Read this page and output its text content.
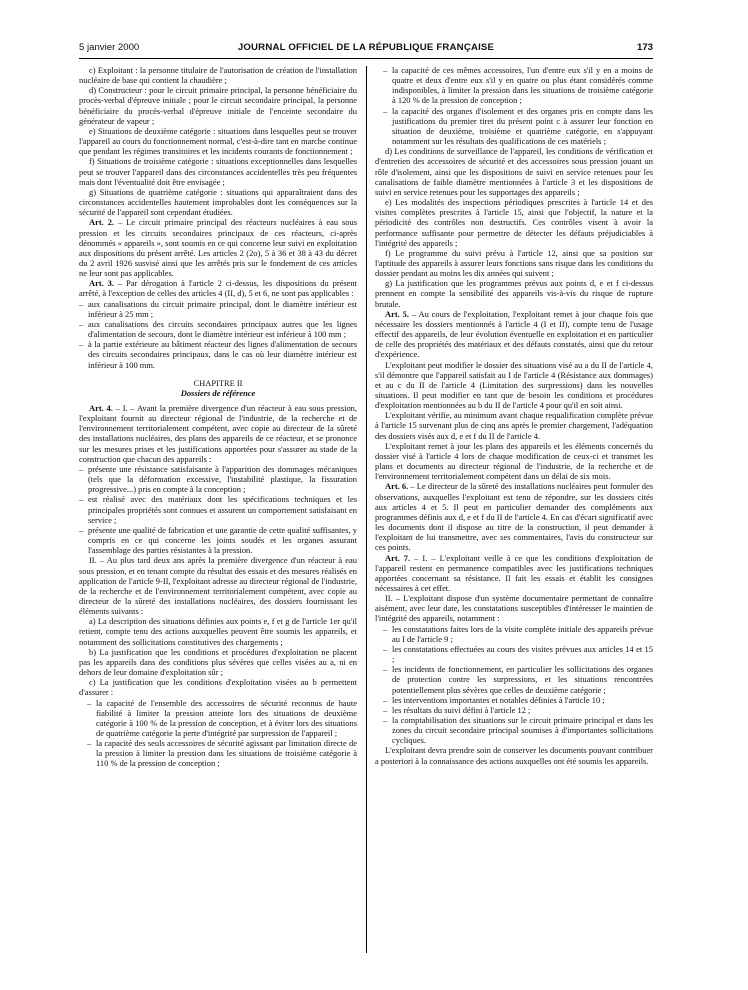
5 janvier 2000	JOURNAL OFFICIEL DE LA RÉPUBLIQUE FRANÇAISE	173

c) Exploitant : la personne titulaire de l'autorisation de création de l'installation nucléaire de base qui contient la chaudière ;

d) Constructeur : pour le circuit primaire principal, la personne bénéficiaire du procès-verbal d'épreuve initiale ; pour le circuit secondaire principal, la personne bénéficiaire du procès-verbal d'épreuve initiale de l'enceinte secondaire du générateur de vapeur ;

e) Situations de deuxième catégorie : situations dans lesquelles peut se trouver l'appareil au cours du fonctionnement normal, c'est-à-dire tant en marche continue que pendant les régimes transitoires et les incidents courants de fonctionnement ;

f) Situations de troisième catégorie : situations exceptionnelles dans lesquelles peut se trouver l'appareil dans des circonstances accidentelles très peu fréquentes mais dont l'éventualité doit être envisagée ;

g) Situations de quatrième catégorie : situations qui apparaîtraient dans des circonstances accidentelles hautement improbables dont les conséquences sur la sécurité de l'appareil sont cependant étudiées.

Art. 2. – Le circuit primaire principal des réacteurs nucléaires à eau sous pression et les circuits secondaires principaux de ces réacteurs, ci-après dénommés « appareils », sont soumis en ce qui concerne leur suivi en exploitation aux dispositions du présent arrêté. Les articles 2 (2o), 5 à 36 et 38 à 43 du décret du 2 avril 1926 susvisé ainsi que les arrêtés pris sur le fondement de ces articles ne leur sont pas applicables.

Art. 3. – Par dérogation à l'article 2 ci-dessus, les dispositions du présent arrêté, à l'exception de celles des articles 4 (II, d), 5 et 6, ne sont pas applicables :

– aux canalisations du circuit primaire principal, dont le diamètre intérieur est inférieur à 25 mm ;

– aux canalisations des circuits secondaires principaux autres que les lignes d'alimentation de secours, dont le diamètre intérieur est inférieur à 100 mm ;

– à la partie extérieure au bâtiment réacteur des lignes d'alimentation de secours des circuits secondaires principaux, dans le cas où leur diamètre intérieur est inférieur à 100 mm.

CHAPITRE II

Dossiers de référence

Art. 4. – I. – Avant la première divergence d'un réacteur à eau sous pression, l'exploitant fournit au directeur régional de l'industrie, de la recherche et de l'environnement territorialement compétent, avec copie au directeur de la sûreté des installations nucléaires, des plans des appareils de ce réacteur, et se prononce sur les mesures prises et les justifications apportées pour s'assurer au stade de la construction que chacun des appareils :

– présente une résistance satisfaisante à l'apparition des dommages mécaniques (tels que la déformation excessive, l'instabilité plastique, la fissuration progressive...) pris en compte à la conception ;

– est réalisé avec des matériaux dont les spécifications techniques et les principales propriétés sont connues et assurent un comportement satisfaisant en service ;

– présente une qualité de fabrication et une garantie de cette qualité suffisantes, y compris en ce qui concerne les joints soudés et les organes assurant l'assemblage des parties résistantes à la pression.

II. – Au plus tard deux ans après la première divergence d'un réacteur à eau sous pression, et en tenant compte du résultat des essais et des mesures réalisés en application de l'article 9-II, l'exploitant adresse au directeur régional de l'industrie, de la recherche et de l'environnement territorialement compétent, avec copie au directeur de la sûreté des installations nucléaires, des dossiers fournissant les éléments suivants :

a) La description des situations définies aux points e, f et g de l'article 1er qu'il retient, compte tenu des actions auxquelles peuvent être soumis les appareils, et notamment des sollicitations constitutives des chargements ;

b) La justification que les conditions et procédures d'exploitation ne placent pas les appareils dans des conditions plus sévères que celles visées au a, ni en dehors de leur domaine d'exploitation sûr ;

c) La justification que les conditions d'exploitation visées au b permettent d'assurer :

– la capacité de l'ensemble des accessoires de sécurité reconnus de haute fiabilité à limiter la pression atteinte lors des situations de deuxième catégorie à 100 % de la pression de conception, et à éviter lors des situations de quatrième catégorie la perte d'intégrité par surpression de l'appareil ;

– la capacité des seuls accessoires de sécurité agissant par limitation directe de la pression à limiter la pression dans les situations de troisième catégorie à 110 % de la pression de conception ;

– la capacité de ces mêmes accessoires, l'un d'entre eux s'il y en a moins de quatre et deux d'entre eux s'il y en quatre ou plus étant considérés comme indisponibles, à limiter la pression dans les situations de troisième catégorie à 120 % de la pression de conception ;

– la capacité des organes d'isolement et des organes pris en compte dans les justifications du premier tiret du présent point c à assurer leur fonction en situation de deuxième, troisième et quatrième catégorie, en s'appuyant notamment sur les résultats des qualifications de ces matériels ;

d) Les conditions de surveillance de l'appareil, les conditions de vérification et d'entretien des accessoires de sécurité et des accessoires sous pression jouant un rôle d'isolement, ainsi que les dispositions de suivi en service retenues pour les canalisations de faible diamètre mentionnées à l'article 3 et les dispositions de suivi en service retenues pour les supportages des appareils ;

e) Les modalités des inspections périodiques prescrites à l'article 14 et des visites complètes prescrites à l'article 15, ainsi que l'objectif, la nature et la périodicité des contrôles non destructifs. Ces contrôles visent à avoir la performance suffisante pour permettre de détecter les défauts préjudiciables à l'intégrité des appareils ;

f) Le programme du suivi prévu à l'article 12, ainsi que sa position sur l'aptitude des appareils à assurer leurs fonctions sans risque dans les conditions du dossier pendant au moins les dix années qui suivent ;

g) La justification que les programmes prévus aux points d, e et f ci-dessus prennent en compte la sensibilité des appareils vis-à-vis du risque de rupture brutale.

Art. 5. – Au cours de l'exploitation, l'exploitant remet à jour chaque fois que nécessaire les dossiers mentionnés à l'article 4 (I et II), compte tenu de l'usage effectif des appareils, de leur évolution éventuelle en exploitation et en particulier de celle des propriétés des matériaux et des défauts constatés, ainsi que du retour d'expérience.

L'exploitant peut modifier le dossier des situations visé au a du II de l'article 4, s'il démontre que l'appareil satisfait au I de l'article 4 (Résistance aux dommages) et au c du II de l'article 4 (Limitation des surpressions) dans les nouvelles situations. Il peut modifier en tant que de besoin les conditions et procédures d'exploitation mentionnées au b du II de l'article 4 pour qu'il en soit ainsi.

L'exploitant vérifie, au minimum avant chaque requalification complète prévue à l'article 15 survenant plus de cinq ans après le premier chargement, l'adéquation des dossiers visés aux d, e et f du II de l'article 4.

L'exploitant remet à jour les plans des appareils et les éléments concernés du dossier visé à l'article 4 lors de chaque modification de ceux-ci et transmet les plans et documents au directeur régional de l'industrie, de la recherche et de l'environnement territorialement compétent dans un délai de six mois.

Art. 6. – Le directeur de la sûreté des installations nucléaires peut formuler des observations, auxquelles l'exploitant est tenu de répondre, sur les dossiers cités aux articles 4 et 5. Il peut en particulier demander des compléments aux programmes définis aux d, e et f du II de l'article 4. En cas d'écart significatif avec les documents dont il dispose au titre de la construction, il peut demander à l'exploitant de lui transmettre, avec ses commentaires, l'avis du constructeur sur ces points.

Art. 7. – I. – L'exploitant veille à ce que les conditions d'exploitation de l'appareil restent en permanence compatibles avec les justifications techniques apportées concernant sa résistance. Il fait les essais et établit les consignes nécessaires à cet effet.

II. – L'exploitant dispose d'un système documentaire permettant de connaître aisément, avec leur date, les constatations susceptibles d'intéresser le maintien de l'intégrité des appareils, notamment :

– les constatations faites lors de la visite complète initiale des appareils prévue au I de l'article 9 ;

– les constatations effectuées au cours des visites prévues aux articles 14 et 15 ;

– les incidents de fonctionnement, en particulier les sollicitations des organes de protection contre les surpressions, et les situations rencontrées potentiellement plus sévères que celles de deuxième catégorie ;

– les interventions importantes et notables définies à l'article 10 ;

– les résultats du suivi défini à l'article 12 ;

– la comptabilisation des situations sur le circuit primaire principal et dans les zones du circuit secondaire principal soumises à d'importantes sollicitations cycliques.

L'exploitant devra prendre soin de conserver les documents pouvant contribuer a posteriori à la connaissance des actions auxquelles ont été soumis les appareils.
